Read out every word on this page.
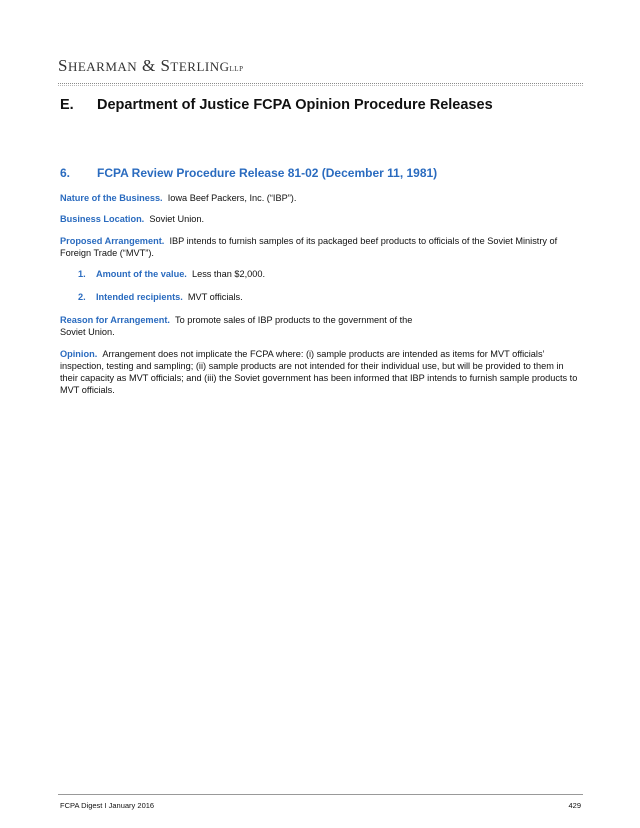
SHEARMAN & STERLINGLLP
E. Department of Justice FCPA Opinion Procedure Releases
6. FCPA Review Procedure Release 81-02 (December 11, 1981)
Nature of the Business. Iowa Beef Packers, Inc. (“IBP”).
Business Location. Soviet Union.
Proposed Arrangement. IBP intends to furnish samples of its packaged beef products to officials of the Soviet Ministry of Foreign Trade (“MVT”).
1. Amount of the value. Less than $2,000.
2. Intended recipients. MVT officials.
Reason for Arrangement. To promote sales of IBP products to the government of the
Soviet Union.
Opinion. Arrangement does not implicate the FCPA where: (i) sample products are intended as items for MVT officials’ inspection, testing and sampling; (ii) sample products are not intended for their individual use, but will be provided to them in their capacity as MVT officials; and (iii) the Soviet government has been informed that IBP intends to furnish sample products to MVT officials.
FCPA Digest I January 2016	429
